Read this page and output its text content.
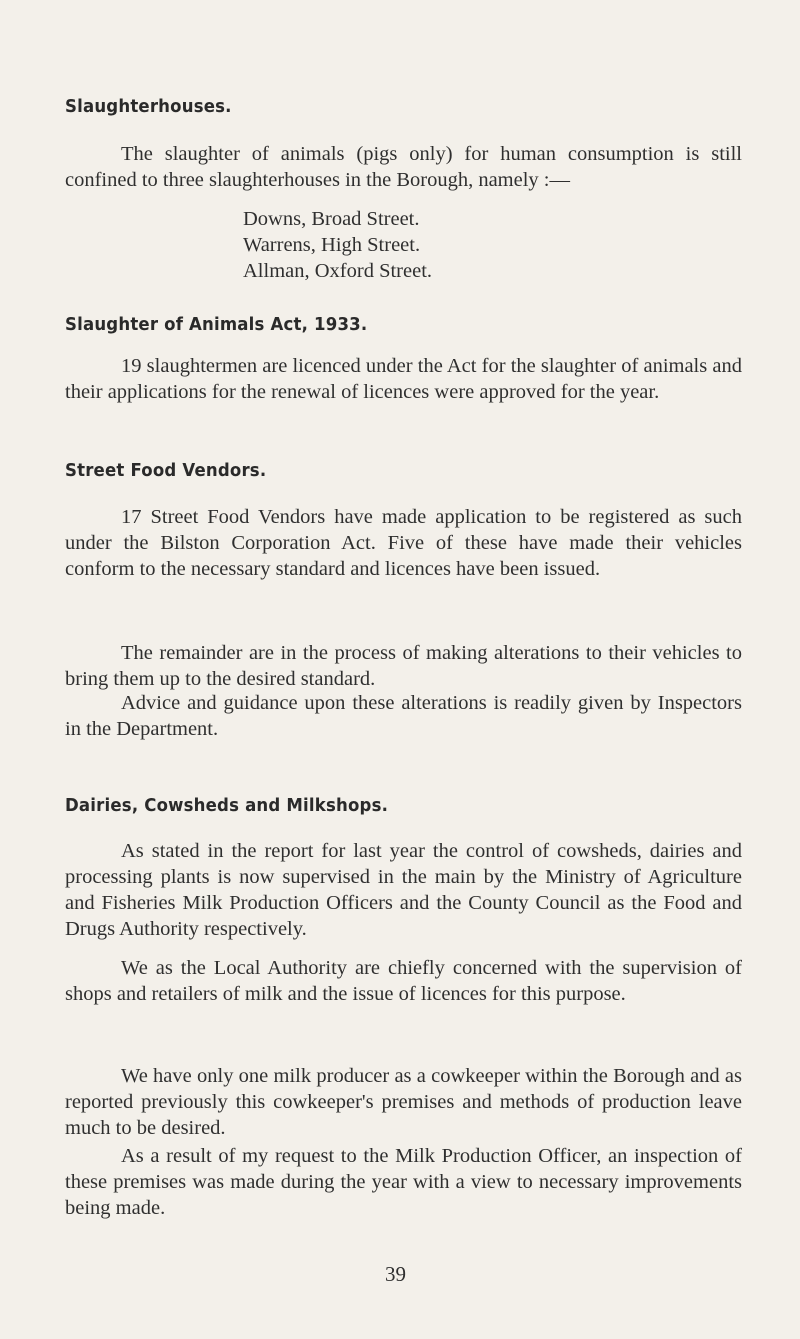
Slaughterhouses.

The slaughter of animals (pigs only) for human consumption is still confined to three slaughterhouses in the Borough, namely :—

Downs, Broad Street.
Warrens, High Street.
Allman, Oxford Street.
Slaughter of Animals Act, 1933.

19 slaughtermen are licenced under the Act for the slaughter of animals and their applications for the renewal of licences were approved for the year.

Street Food Vendors.

17 Street Food Vendors have made application to be registered as such under the Bilston Corporation Act. Five of these have made their vehicles conform to the necessary standard and licences have been issued.

The remainder are in the process of making alterations to their vehicles to bring them up to the desired standard.

Advice and guidance upon these alterations is readily given by Inspectors in the Department.

Dairies, Cowsheds and Milkshops.

As stated in the report for last year the control of cowsheds, dairies and processing plants is now supervised in the main by the Ministry of Agriculture and Fisheries Milk Production Officers and the County Council as the Food and Drugs Authority respectively.

We as the Local Authority are chiefly concerned with the supervision of shops and retailers of milk and the issue of licences for this purpose.

We have only one milk producer as a cowkeeper within the Borough and as reported previously this cowkeeper's premises and methods of production leave much to be desired.

As a result of my request to the Milk Production Officer, an inspection of these premises was made during the year with a view to necessary improvements being made.

39
